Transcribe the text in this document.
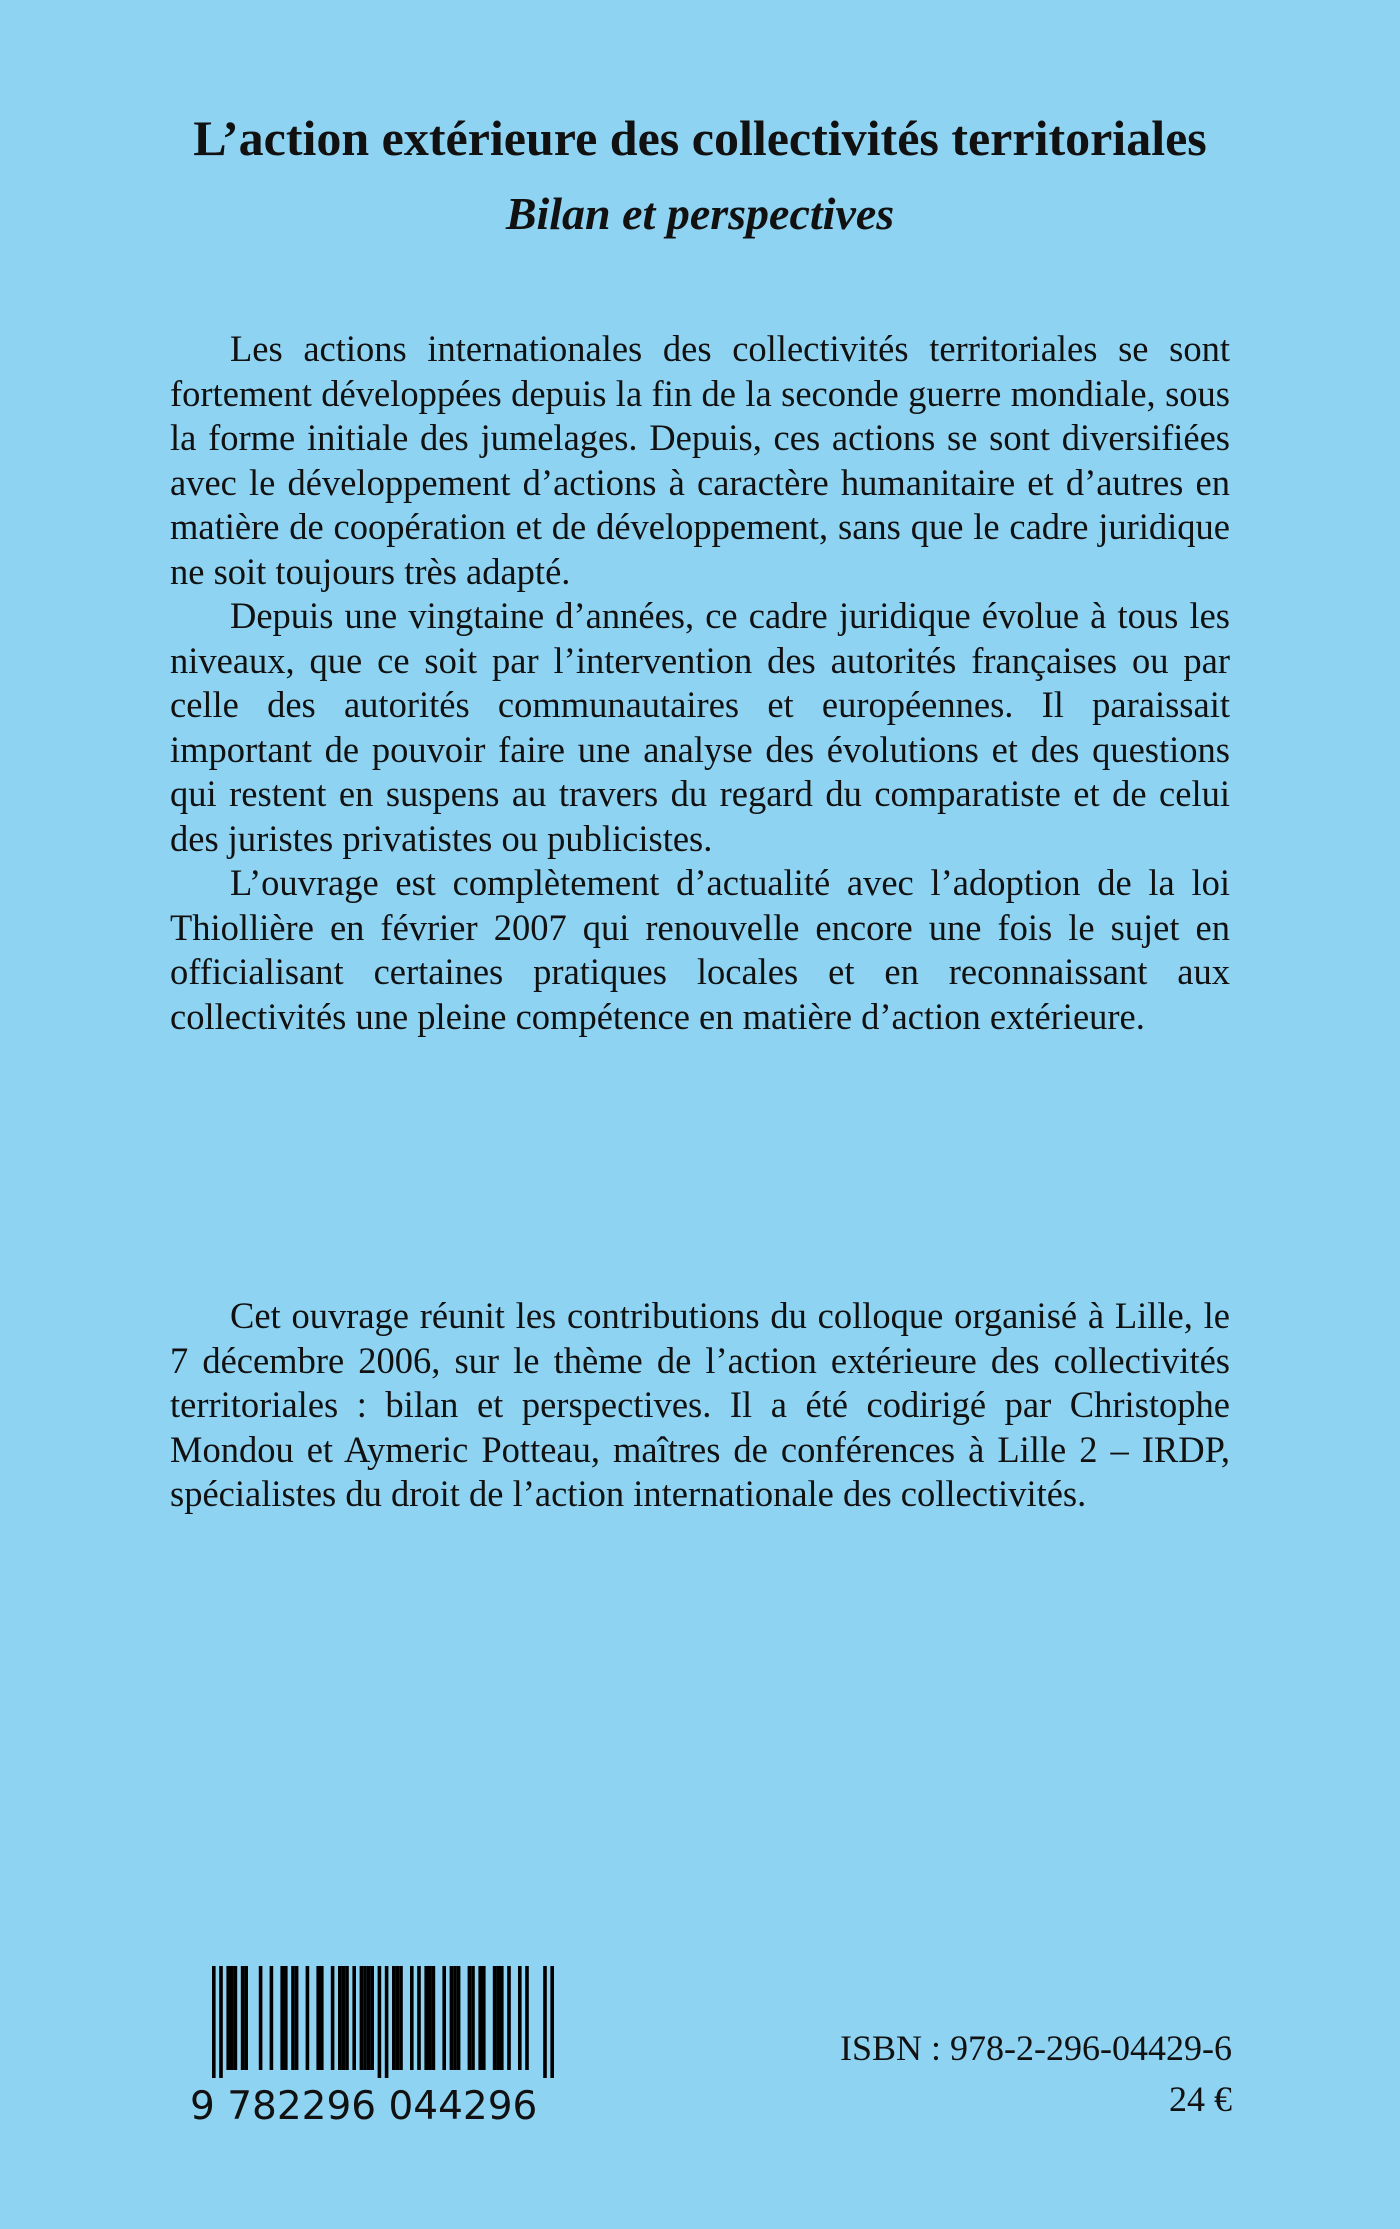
L’action extérieure des collectivités territoriales
Bilan et perspectives

Les actions internationales des collectivités territoriales se sont fortement développées depuis la fin de la seconde guerre mondiale, sous la forme initiale des jumelages. Depuis, ces actions se sont diversifiées avec le développement d’actions à caractère humanitaire et d’autres en matière de coopération et de développement, sans que le cadre juridique ne soit toujours très adapté.

Depuis une vingtaine d’années, ce cadre juridique évolue à tous les niveaux, que ce soit par l’intervention des autorités françaises ou par celle des autorités communautaires et européennes. Il paraissait important de pouvoir faire une analyse des évolutions et des questions qui restent en suspens au travers du regard du comparatiste et de celui des juristes privatistes ou publicistes.

L’ouvrage est complètement d’actualité avec l’adoption de la loi Thiollière en février 2007 qui renouvelle encore une fois le sujet en officialisant certaines pratiques locales et en reconnaissant aux collectivités une pleine compétence en matière d’action extérieure.

Cet ouvrage réunit les contributions du colloque organisé à Lille, le 7 décembre 2006, sur le thème de l’action extérieure des collectivités territoriales : bilan et perspectives. Il a été codirigé par Christophe Mondou et Aymeric Potteau, maîtres de conférences à Lille 2 – IRDP, spécialistes du droit de l’action internationale des collectivités.

9 782296 044296
ISBN : 978-2-296-04429-6
24 €
